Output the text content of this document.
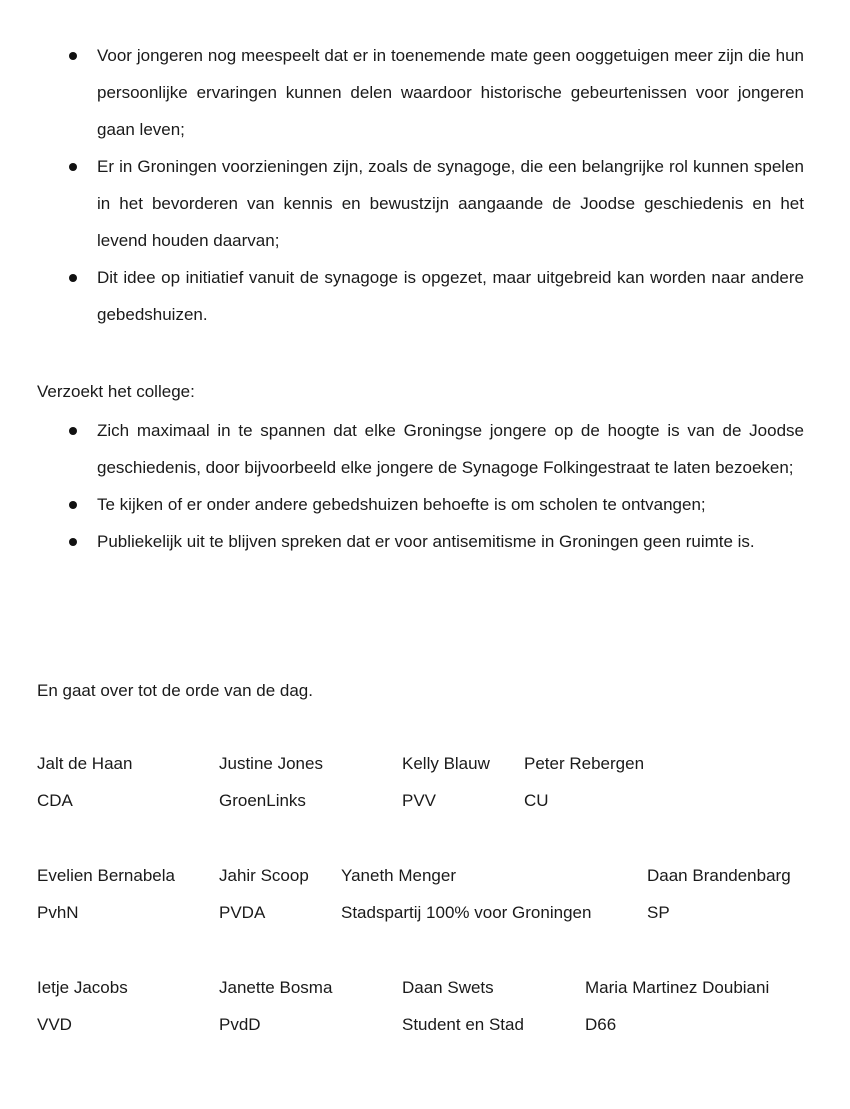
Voor jongeren nog meespeelt dat er in toenemende mate geen ooggetuigen meer zijn die hun persoonlijke ervaringen kunnen delen waardoor historische gebeurtenissen voor jongeren gaan leven;
Er in Groningen voorzieningen zijn, zoals de synagoge, die een belangrijke rol kunnen spelen in het bevorderen van kennis en bewustzijn aangaande de Joodse geschiedenis en het levend houden daarvan;
Dit idee op initiatief vanuit de synagoge is opgezet, maar uitgebreid kan worden naar andere gebedshuizen.
Verzoekt het college:
Zich maximaal in te spannen dat elke Groningse jongere op de hoogte is van de Joodse geschiedenis, door bijvoorbeeld elke jongere de Synagoge Folkingestraat te laten bezoeken;
Te kijken of er onder andere gebedshuizen behoefte is om scholen te ontvangen;
Publiekelijk uit te blijven spreken dat er voor antisemitisme in Groningen geen ruimte is.
En gaat over tot de orde van de dag.
Jalt de Haan
CDA
Justine Jones
GroenLinks
Kelly Blauw
PVV
Peter Rebergen
CU
Evelien Bernabela
PvhN
Jahir Scoop
PVDA
Yaneth Menger
Stadspartij 100% voor Groningen
Daan Brandenbarg
SP
Ietje Jacobs
VVD
Janette Bosma
PvdD
Daan Swets
Student en Stad
Maria Martinez Doubiani
D66
